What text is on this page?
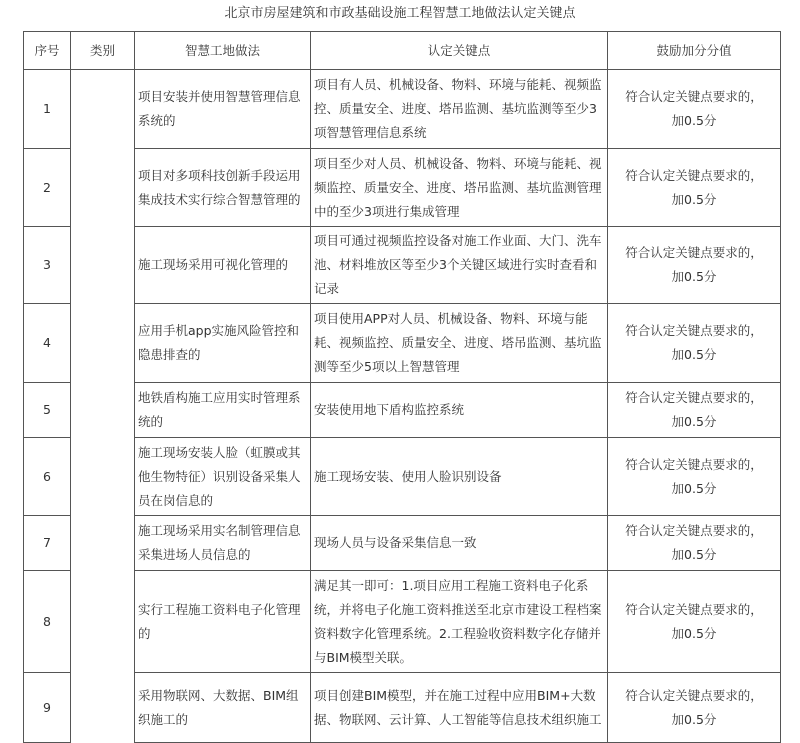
北京市房屋建筑和市政基础设施工程智慧工地做法认定关键点
序号	类别	智慧工地做法	认定关键点	鼓励加分分值
1		项目安装并使用智慧管理信息系统的	项目有人员、机械设备、物料、环境与能耗、视频监控、质量安全、进度、塔吊监测、基坑监测等至少3项智慧管理信息系统	符合认定关键点要求的，
加0.5分

2		项目对多项科技创新手段运用集成技术实行综合智慧管理的	项目至少对人员、机械设备、物料、环境与能耗、视频监控、质量安全、进度、塔吊监测、基坑监测管理中的至少3项进行集成管理	符合认定关键点要求的，
加0.5分

3		施工现场采用可视化管理的	项目可通过视频监控设备对施工作业面、大门、洗车池、材料堆放区等至少3个关键区域进行实时查看和记录	符合认定关键点要求的，
加0.5分

4		应用手机app实施风险管控和隐患排查的	项目使用APP对人员、机械设备、物料、环境与能耗、视频监控、质量安全、进度、塔吊监测、基坑监测等至少5项以上智慧管理	符合认定关键点要求的，
加0.5分

5		地铁盾构施工应用实时管理系统的	安装使用地下盾构监控系统	符合认定关键点要求的，
加0.5分

6		施工现场安装人脸（虹膜或其他生物特征）识别设备采集人员在岗信息的	施工现场安装、使用人脸识别设备	符合认定关键点要求的，
加0.5分

7		施工现场采用实名制管理信息采集进场人员信息的	现场人员与设备采集信息一致	符合认定关键点要求的，
加0.5分

8		实行工程施工资料电子化管理的	满足其一即可：1.项目应用工程施工资料电子化系统，并将电子化施工资料推送至北京市建设工程档案资料数字化管理系统。2.工程验收资料数字化存储并与BIM模型关联。	符合认定关键点要求的，
加0.5分

9		采用物联网、大数据、BIM组织施工的	项目创建BIM模型，并在施工过程中应用BIM+大数据、物联网、云计算、人工智能等信息技术组织施工	符合认定关键点要求的，
加0.5分
